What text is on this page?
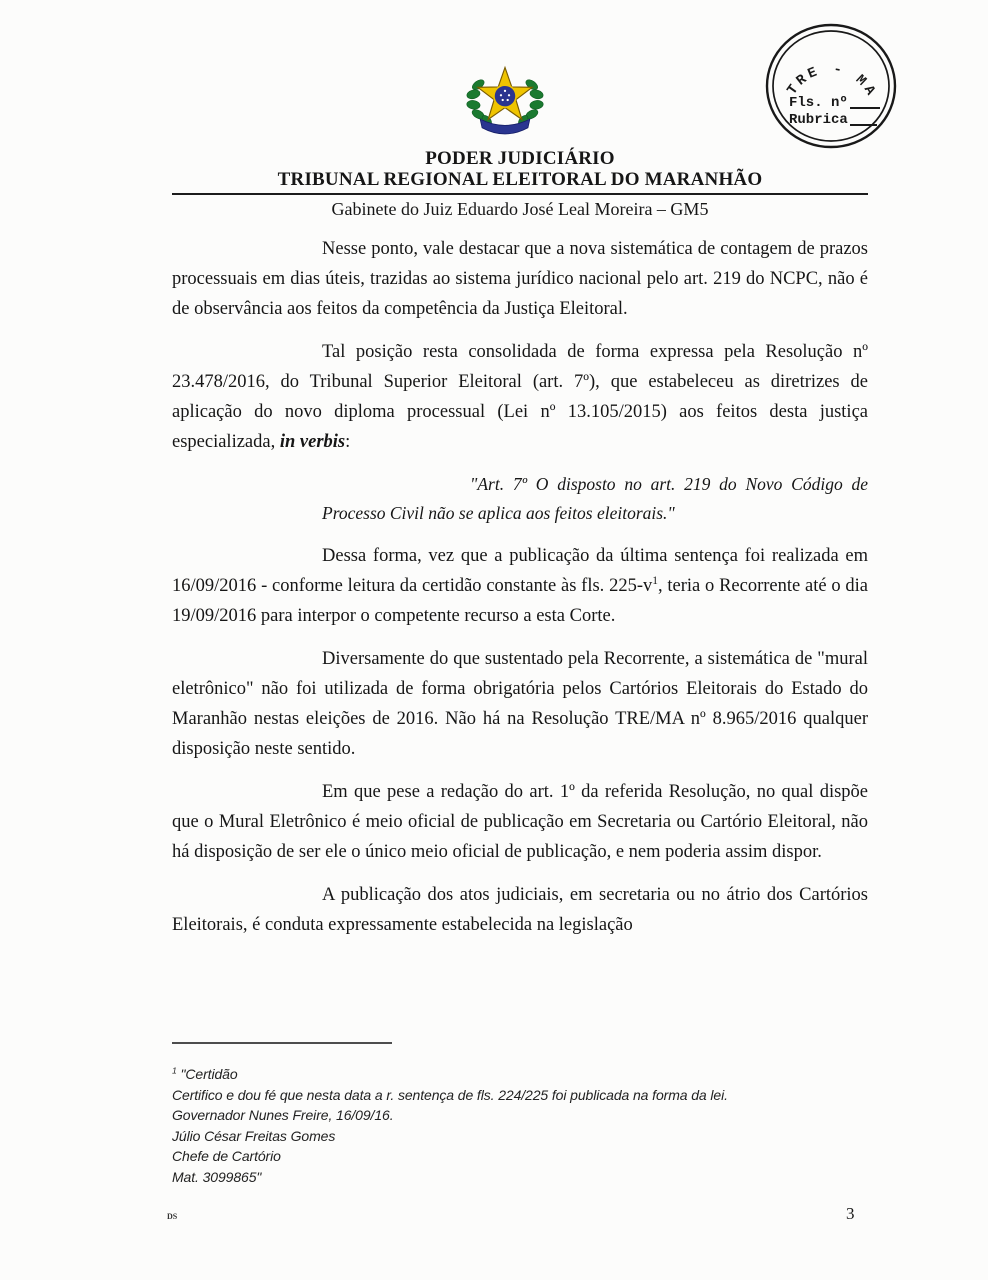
TRE - MA
Fls. nº
Rubrica
PODER JUDICIÁRIO
TRIBUNAL REGIONAL ELEITORAL DO MARANHÃO
Gabinete do Juiz Eduardo José Leal Moreira – GM5

Nesse ponto, vale destacar que a nova sistemática de contagem de prazos processuais em dias úteis, trazidas ao sistema jurídico nacional pelo art. 219 do NCPC, não é de observância aos feitos da competência da Justiça Eleitoral.

Tal posição resta consolidada de forma expressa pela Resolução nº 23.478/2016, do Tribunal Superior Eleitoral (art. 7º), que estabeleceu as diretrizes de aplicação do novo diploma processual (Lei nº 13.105/2015) aos feitos desta justiça especializada, in verbis:

"Art. 7º O disposto no art. 219 do Novo Código de Processo Civil não se aplica aos feitos eleitorais."

Dessa forma, vez que a publicação da última sentença foi realizada em 16/09/2016 - conforme leitura da certidão constante às fls. 225-v$^1$, teria o Recorrente até o dia 19/09/2016 para interpor o competente recurso a esta Corte.

Diversamente do que sustentado pela Recorrente, a sistemática de "mural eletrônico" não foi utilizada de forma obrigatória pelos Cartórios Eleitorais do Estado do Maranhão nestas eleições de 2016. Não há na Resolução TRE/MA nº 8.965/2016 qualquer disposição neste sentido.

Em que pese a redação do art. 1º da referida Resolução, no qual dispõe que o Mural Eletrônico é meio oficial de publicação em Secretaria ou Cartório Eleitoral, não há disposição de ser ele o único meio oficial de publicação, e nem poderia assim dispor.

A publicação dos atos judiciais, em secretaria ou no átrio dos Cartórios Eleitorais, é conduta expressamente estabelecida na legislação

$^1$ "Certidão
Certifico e dou fé que nesta data a r. sentença de fls. 224/225 foi publicada na forma da lei.
Governador Nunes Freire, 16/09/16.
Júlio César Freitas Gomes
Chefe de Cartório
Mat. 3099865"
DS	3
